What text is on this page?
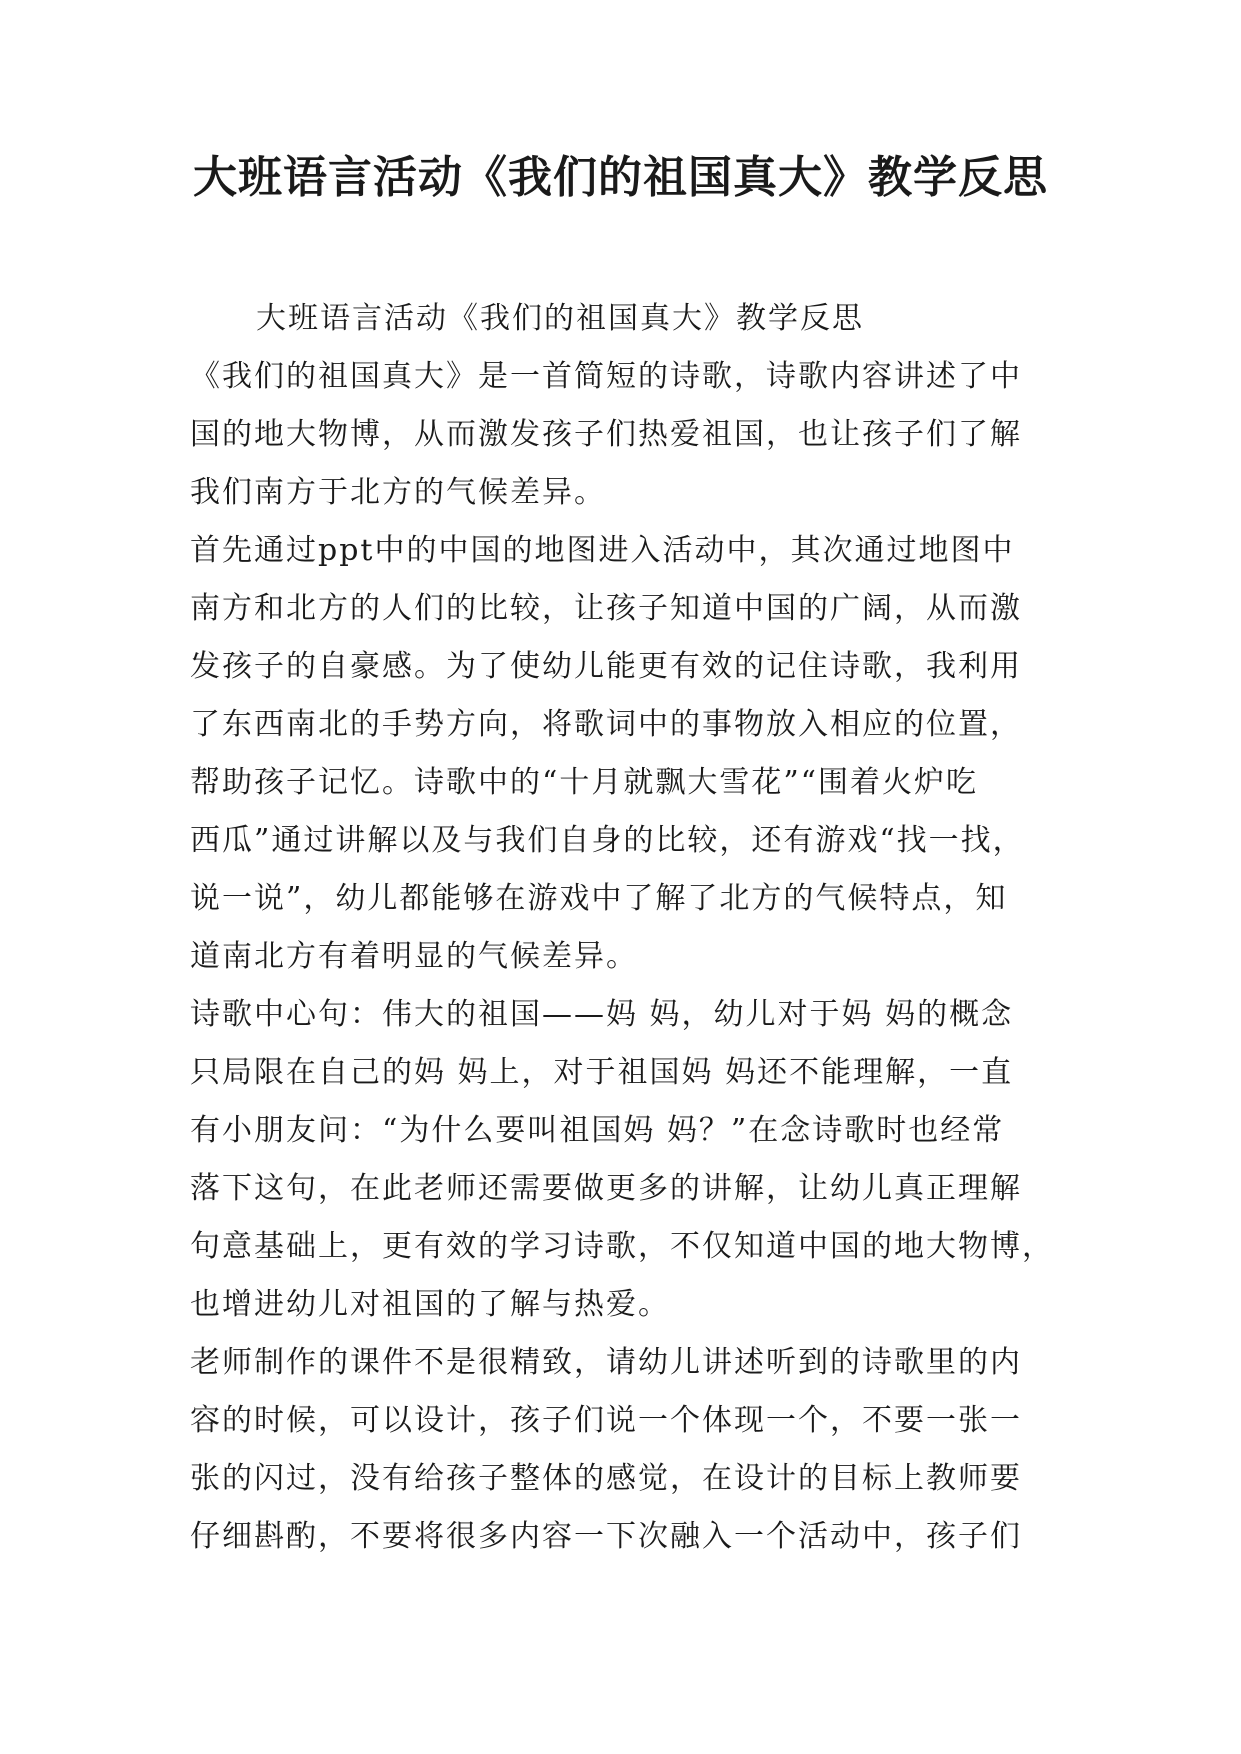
大班语言活动《我们的祖国真大》教学反思
大班语言活动《我们的祖国真大》教学反思
《我们的祖国真大》是一首简短的诗歌，诗歌内容讲述了中
国的地大物博，从而激发孩子们热爱祖国，也让孩子们了解
我们南方于北方的气候差异。
首先通过ppt中的中国的地图进入活动中，其次通过地图中
南方和北方的人们的比较，让孩子知道中国的广阔，从而激
发孩子的自豪感。为了使幼儿能更有效的记住诗歌，我利用
了东西南北的手势方向，将歌词中的事物放入相应的位置，
帮助孩子记忆。诗歌中的“十月就飘大雪花”“围着火炉吃
西瓜”通过讲解以及与我们自身的比较，还有游戏“找一找，
说一说”，幼儿都能够在游戏中了解了北方的气候特点，知
道南北方有着明显的气候差异。
诗歌中心句：伟大的祖国——妈 妈，幼儿对于妈 妈的概念
只局限在自己的妈 妈上，对于祖国妈 妈还不能理解，一直
有小朋友问：“为什么要叫祖国妈 妈？”在念诗歌时也经常
落下这句，在此老师还需要做更多的讲解，让幼儿真正理解
句意基础上，更有效的学习诗歌，不仅知道中国的地大物博，
也增进幼儿对祖国的了解与热爱。
老师制作的课件不是很精致，请幼儿讲述听到的诗歌里的内
容的时候，可以设计，孩子们说一个体现一个，不要一张一
张的闪过，没有给孩子整体的感觉，在设计的目标上教师要
仔细斟酌，不要将很多内容一下次融入一个活动中，孩子们
